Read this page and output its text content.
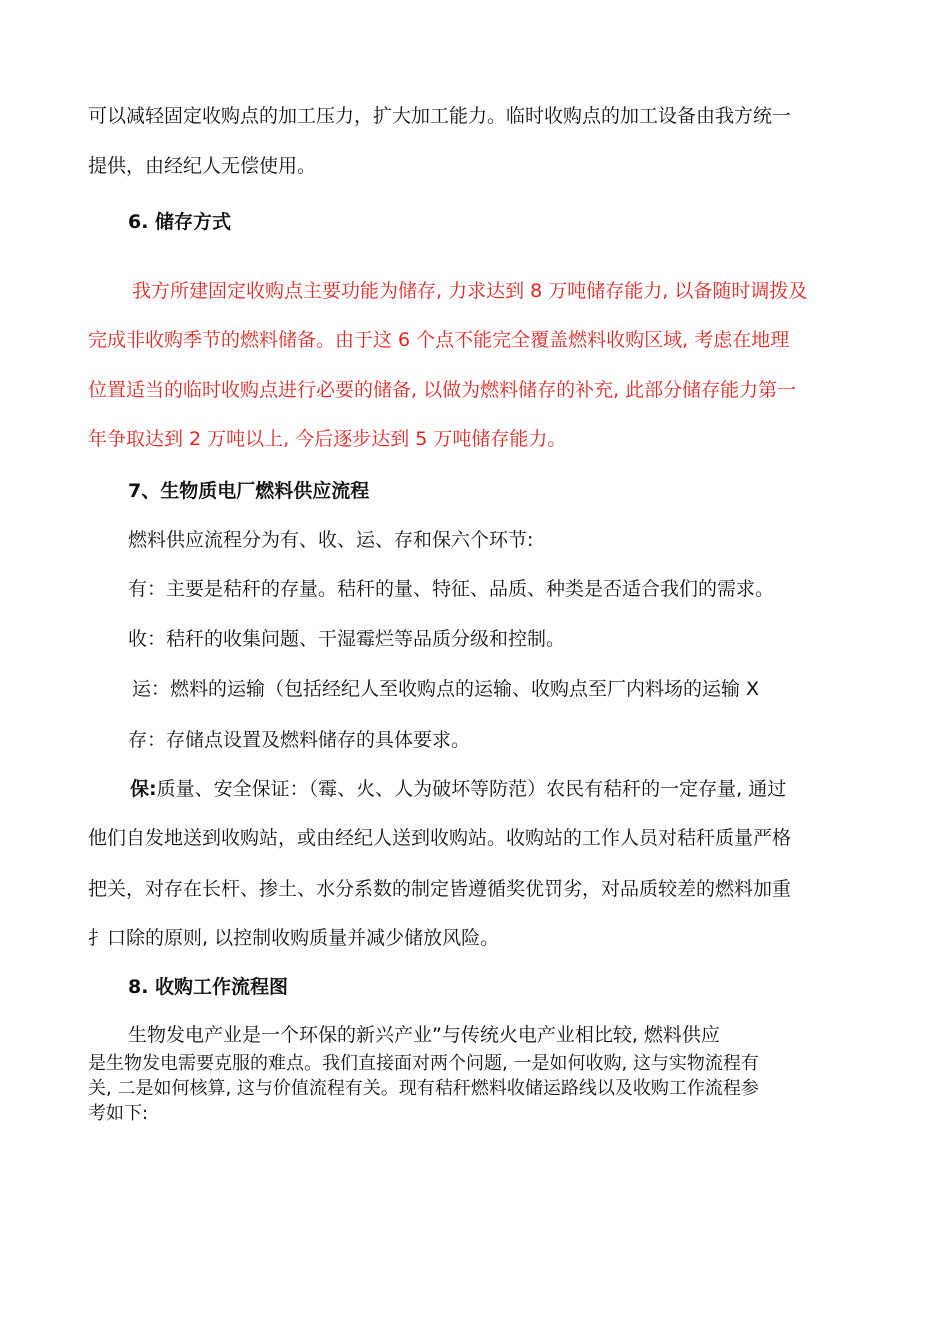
可以减轻固定收购点的加工压力，扩大加工能力。临时收购点的加工设备由我方统一
提供，由经纪人无偿使用。
6. 储存方式
我方所建固定收购点主要功能为储存, 力求达到 8 万吨储存能力, 以备随时调拨及
完成非收购季节的燃料储备。由于这 6 个点不能完全覆盖燃料收购区域, 考虑在地理
位置适当的临时收购点进行必要的储备, 以做为燃料储存的补充, 此部分储存能力第一
年争取达到 2 万吨以上, 今后逐步达到 5 万吨储存能力。
7、生物质电厂燃料供应流程
燃料供应流程分为有、收、运、存和保六个环节:
有：主要是秸秆的存量。秸秆的量、特征、品质、种类是否适合我们的需求。
收：秸秆的收集问题、干湿霉烂等品质分级和控制。
运：燃料的运输（包括经纪人至收购点的运输、收购点至厂内料场的运输 X
存：存储点设置及燃料储存的具体要求。
保:质量、安全保证：（霉、火、人为破坏等防范）农民有秸秆的一定存量, 通过
他们自发地送到收购站，或由经纪人送到收购站。收购站的工作人员对秸秆质量严格
把关，对存在长杆、掺土、水分系数的制定皆遵循奖优罚劣，对品质较差的燃料加重
扌口除的原则, 以控制收购质量并减少储放风险。
8. 收购工作流程图
生物发电产业是一个环保的新兴产业”与传统火电产业相比较, 燃料供应
是生物发电需要克服的难点。我们直接面对两个问题, 一是如何收购, 这与实物流程有
关, 二是如何核算, 这与价值流程有关。现有秸秆燃料收储运路线以及收购工作流程参
考如下:
